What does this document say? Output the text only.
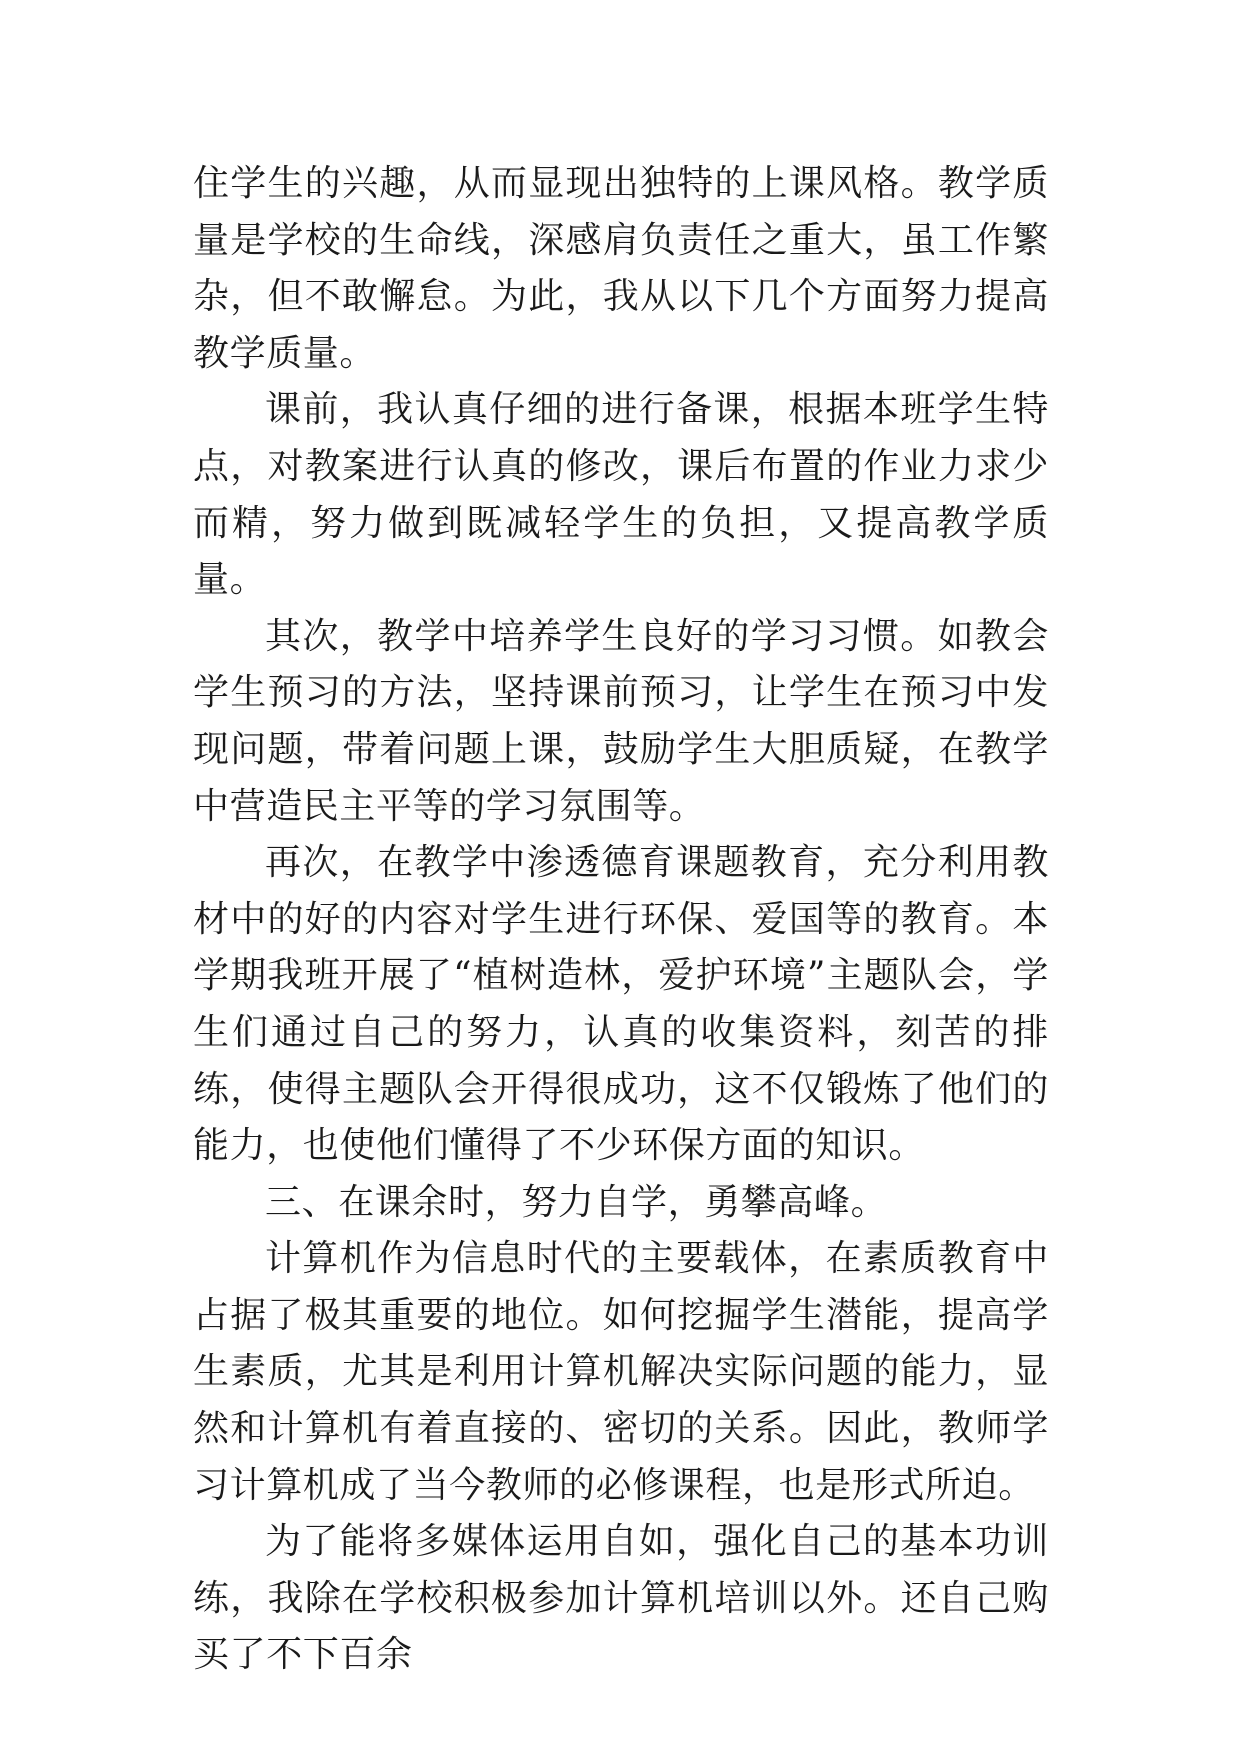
住学生的兴趣，从而显现出独特的上课风格。教学质量是学校的生命线，深感肩负责任之重大，虽工作繁杂，但不敢懈怠。为此，我从以下几个方面努力提高教学质量。

课前，我认真仔细的进行备课，根据本班学生特点，对教案进行认真的修改，课后布置的作业力求少而精，努力做到既减轻学生的负担，又提高教学质量。

其次，教学中培养学生良好的学习习惯。如教会学生预习的方法，坚持课前预习，让学生在预习中发现问题，带着问题上课，鼓励学生大胆质疑，在教学中营造民主平等的学习氛围等。

再次，在教学中渗透德育课题教育，充分利用教材中的好的内容对学生进行环保、爱国等的教育。本学期我班开展了“植树造林，爱护环境”主题队会，学生们通过自己的努力，认真的收集资料，刻苦的排练，使得主题队会开得很成功，这不仅锻炼了他们的能力，也使他们懂得了不少环保方面的知识。

三、在课余时，努力自学，勇攀高峰。

计算机作为信息时代的主要载体，在素质教育中占据了极其重要的地位。如何挖掘学生潜能，提高学生素质，尤其是利用计算机解决实际问题的能力，显然和计算机有着直接的、密切的关系。因此，教师学习计算机成了当今教师的必修课程，也是形式所迫。

为了能将多媒体运用自如，强化自己的基本功训练，我除在学校积极参加计算机培训以外。还自己购买了不下百余
